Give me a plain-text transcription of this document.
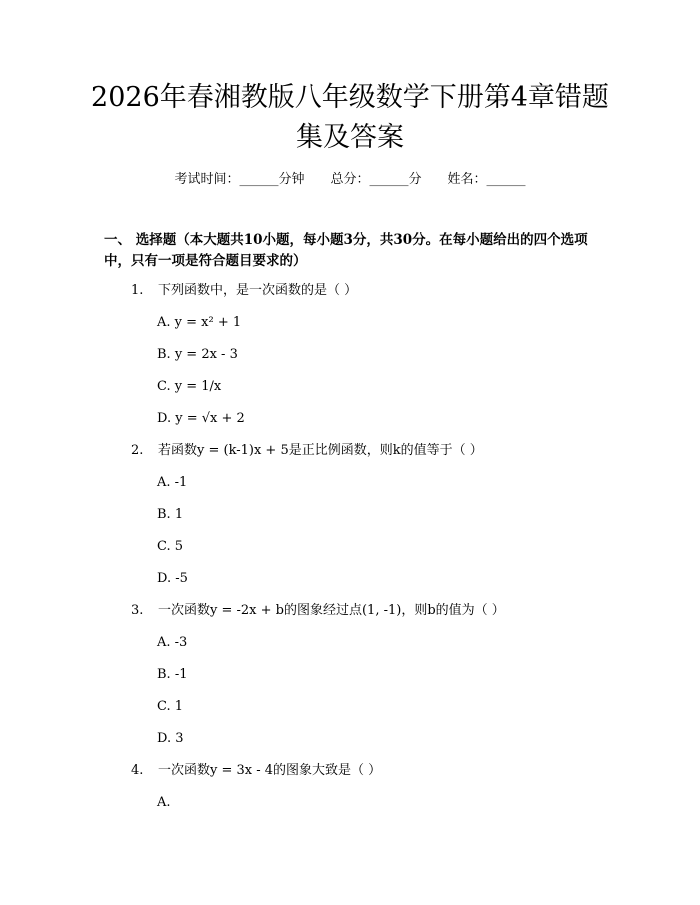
2026年春湘教版八年级数学下册第4章错题集及答案
考试时间：______分钟 总分：______分 姓名：______
一、 选择题（本大题共10小题，每小题3分，共30分。在每小题给出的四个选项中，只有一项是符合题目要求的）
1. 下列函数中，是一次函数的是（ ）
A. y = x² + 1
B. y = 2x - 3
C. y = 1/x
D. y = √x + 2
2. 若函数y = (k-1)x + 5是正比例函数，则k的值等于（ ）
A. -1
B. 1
C. 5
D. -5
3. 一次函数y = -2x + b的图象经过点(1, -1)，则b的值为（ ）
A. -3
B. -1
C. 1
D. 3
4. 一次函数y = 3x - 4的图象大致是（ ）
A.
